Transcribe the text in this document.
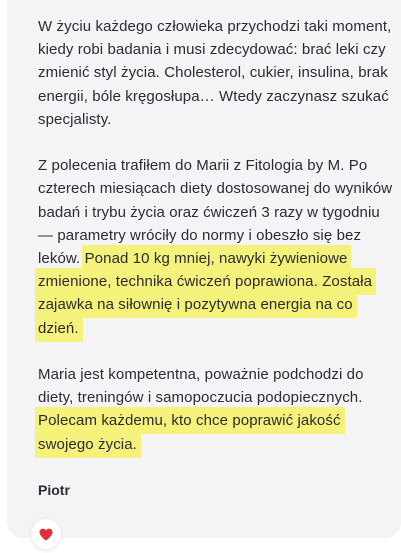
W życiu każdego człowieka przychodzi taki moment, kiedy robi badania i musi zdecydować: brać leki czy zmienić styl życia. Cholesterol, cukier, insulina, brak energii, bóle kręgosłupa… Wtedy zaczynasz szukać specjalisty.

Z polecenia trafiłem do Marii z Fitologia by M. Po czterech miesiącach diety dostosowanej do wyników badań i trybu życia oraz ćwiczeń 3 razy w tygodniu — parametry wróciły do normy i obeszło się bez leków. Ponad 10 kg mniej, nawyki żywieniowe zmienione, technika ćwiczeń poprawiona. Została zajawka na siłownię i pozytywna energia na co dzień.

Maria jest kompetentna, poważnie podchodzi do diety, treningów i samopoczucia podopiecznych. Polecam każdemu, kto chce poprawić jakość swojego życia.

Piotr
